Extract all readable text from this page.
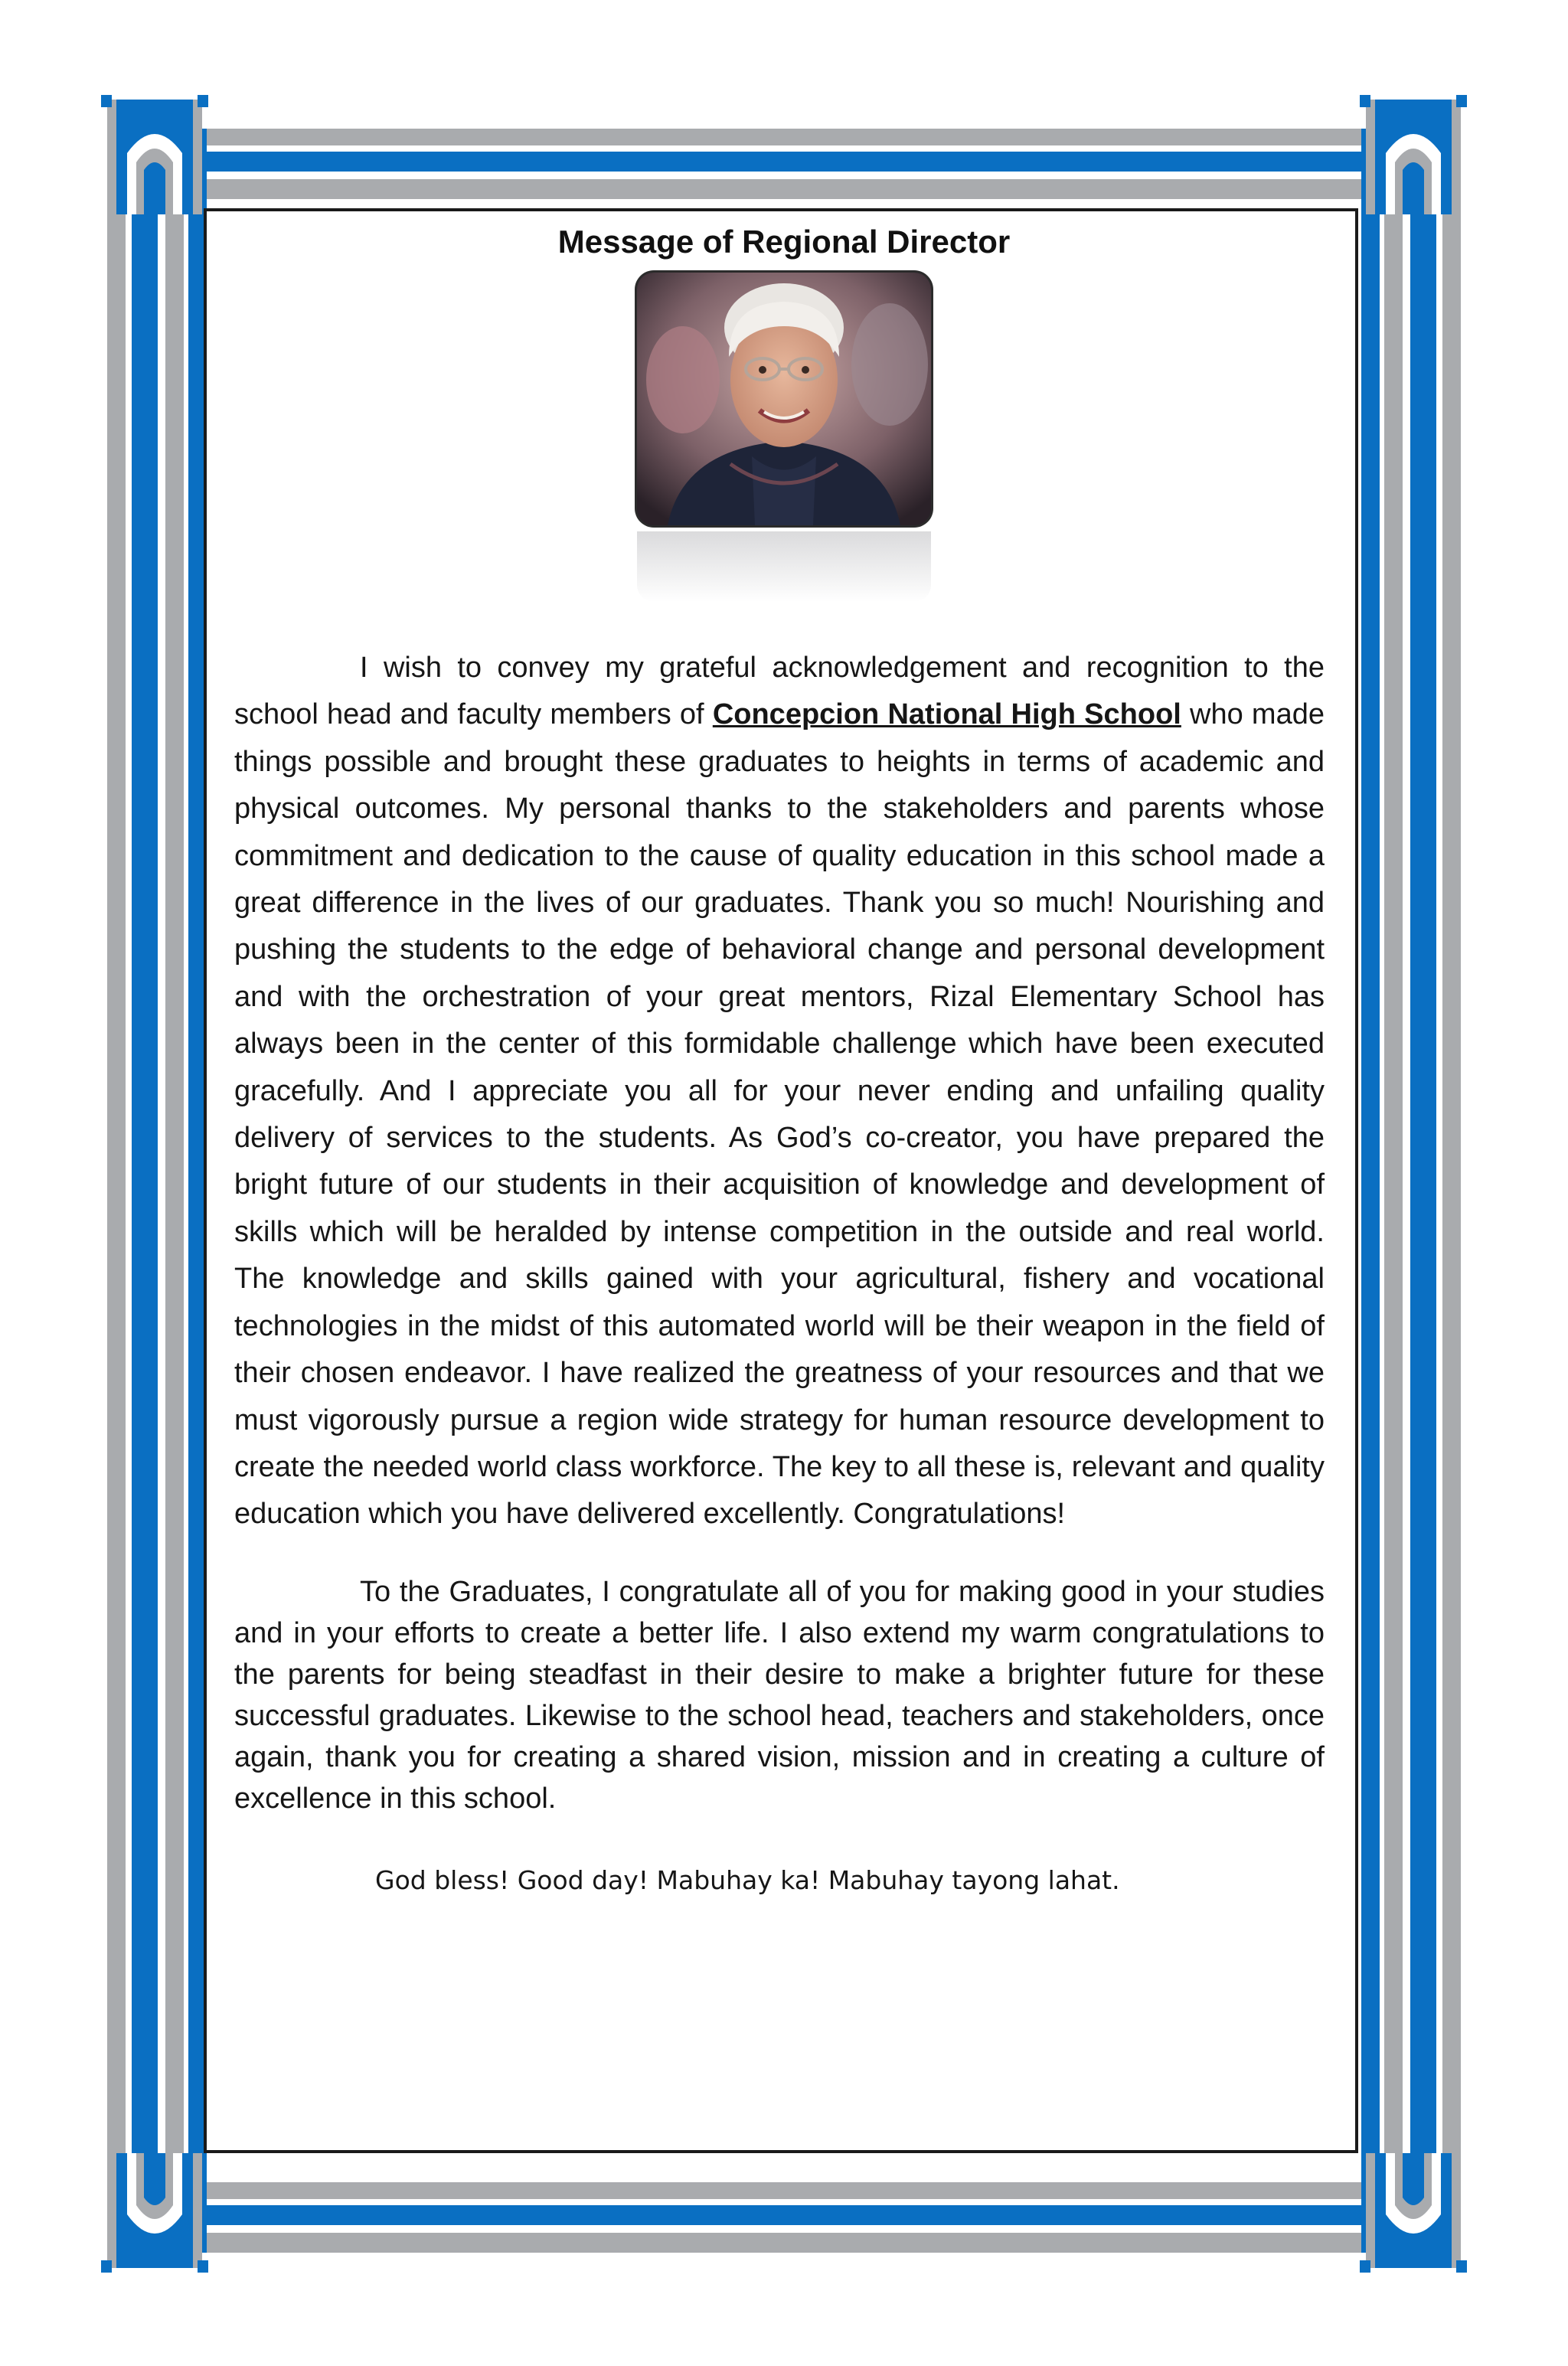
Message of Regional Director
I wish to convey my grateful acknowledgement and recognition to the school head and faculty members of Concepcion National High School who made things possible and brought these graduates to heights in terms of academic and physical outcomes. My personal thanks to the stakeholders and parents whose commitment and dedication to the cause of quality education in this school made a great difference in the lives of our graduates. Thank you so much! Nourishing and pushing the students to the edge of behavioral change and personal development and with the orchestration of your great mentors, Rizal Elementary School has always been in the center of this formidable challenge which have been executed gracefully. And I appreciate you all for your never ending and unfailing quality delivery of services to the students. As God’s co-creator, you have prepared the bright future of our students in their acquisition of knowledge and development of skills which will be heralded by intense competition in the outside and real world. The knowledge and skills gained with your agricultural, fishery and vocational technologies in the midst of this automated world will be their weapon in the field of their chosen endeavor. I have realized the greatness of your resources and that we must vigorously pursue a region wide strategy for human resource development to create the needed world class workforce. The key to all these is, relevant and quality education which you have delivered excellently. Congratulations!
To the Graduates, I congratulate all of you for making good in your studies and in your efforts to create a better life. I also extend my warm congratulations to the parents for being steadfast in their desire to make a brighter future for these successful graduates. Likewise to the school head, teachers and stakeholders, once again, thank you for creating a shared vision, mission and in creating a culture of excellence in this school.
God bless! Good day! Mabuhay ka! Mabuhay tayong lahat.
